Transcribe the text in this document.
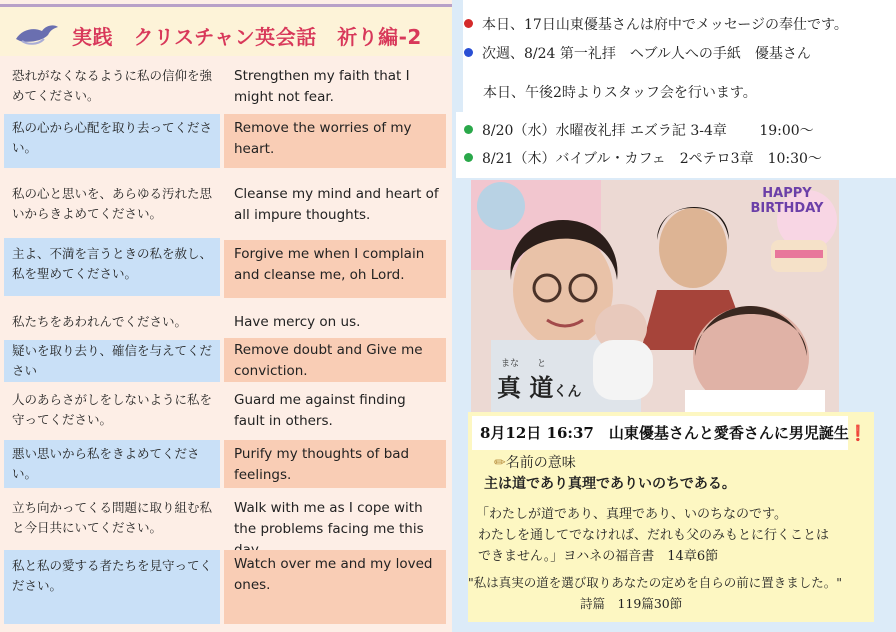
実践　クリスチャン英会話　祈り編-2
恐れがなくなるように私の信仰を強めてください。
Strengthen my faith that I might not fear.
私の心から心配を取り去ってください。
Remove the worries of my heart.
私の心と思いを、あらゆる汚れた思いからきよめてください。
Cleanse my mind and heart of all impure thoughts.
主よ、不満を言うときの私を赦し、私を聖めてください。
Forgive me when I complain and cleanse me, oh Lord.
私たちをあわれんでください。	Have mercy on us.
疑いを取り去り、確信を与えてください
Remove doubt and Give me conviction.
人のあらさがしをしないように私を守ってください。
Guard me against finding fault in others.
悪い思いから私をきよめてください。
Purify my thoughts of bad feelings.
立ち向かってくる問題に取り組む私と今日共にいてください。
Walk with me as I cope with the problems facing me this
私と私の愛する者たちを見守ってください。
Watch over me and my loved ones.
本日、17日山東優基さんは府中でメッセージの奉仕です。
次週、8/24 第一礼拝　ヘブル人への手紙　優基さん
本日、午後2時よりスタッフ会を行います。
8/20（水）水曜夜礼拝 エズラ記 3-4章　　 19:00～
8/21（木）バイブル・カフェ　2ペテロ3章　10:30～
HAPPY BIRTHDAY
まな と
真 道くん
8月12日 16:37　山東優基さんと愛香さんに男児誕生❗
✏名前の意味
主は道であり真理でありいのちである。
「わたしが道であり、真理であり、いのちなのです。
わたしを通してでなければ、だれも父のみもとに行くことは
できません。」ヨハネの福音書　14章6節
"私は真実の道を選び取りあなたの定めを自らの前に置きました。"
詩篇　119篇30節
